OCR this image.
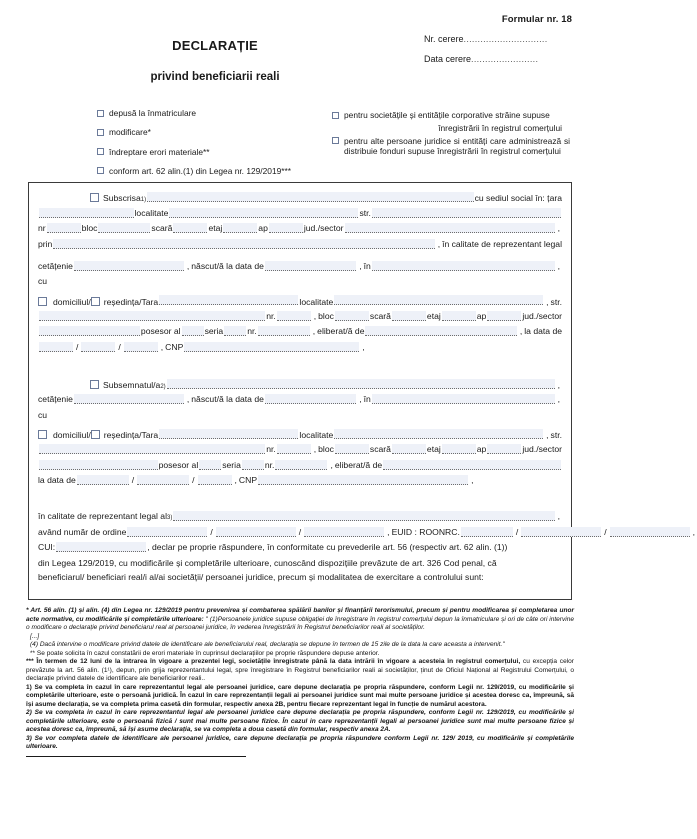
Formular nr. 18
Nr. cerere..............................
Data cerere........................
DECLARAȚIE
privind beneficiarii reali
depusă la înmatriculare
modificare*
îndreptare erori materiale**
conform art. 62 alin.(1) din Legea nr. 129/2019***
pentru societățile și entitățile corporative străine supuse
înregistrării în registrul comerțului
pentru alte persoane juridice si entități care administrează si distribuie fonduri supuse înregistrării în registrul comerțului
Subscrisa 1)	cu sediul social în: țara
localitate	str.
nr	bloc	scară	etaj	ap	jud./sector	,
prin	, în calitate de reprezentant legal
cetățenie	, născut/ă la data de	, în	,
cu
domiciliul/ reședința/Tara	localitate	, str.
nr.	, bloc	scară	etaj	ap	jud./sector
posesor al	seria	nr.	, eliberat/ă de	, la data de
/	/	, CNP	,
Subsemnatul/a 2)	,
cetățenie	, născut/ă la data de	, în	,
cu
domiciliul/ reședința/Tara	localitate	, str.
nr.	, bloc	scară	etaj	ap	jud./sector
posesor al	seria	nr.	, eliberat/ă de
la data de	/	/	, CNP	,
în calitate de reprezentant legal al 3)	,
având număr de ordine	/	/	, EUID : ROONRC.	/	/	,
CUI:	, declar pe proprie răspundere, în conformitate cu prevederile art. 56 (respectiv art. 62 alin. (1))
din Legea 129/2019, cu modificările și completările ulterioare, cunoscând dispozițiile prevăzute de art. 326 Cod penal, că
beneficiarul/ beneficiari real/i al/ai societății/ persoanei juridice, precum și modalitatea de exercitare a controlului sunt:

* Art. 56 alin. (1) și alin. (4) din Legea nr. 129/2019 pentru prevenirea și combaterea spălării banilor și finanțării terorismului, precum și pentru modificarea și completarea unor acte normative, cu modificările și completările ulterioare: " (1)Persoanele juridice supuse obligației de înregistrare în registrul comerțului depun la înmatriculare și ori de câte ori intervine o modificare o declarație privind beneficiarul real al persoanei juridice, în vederea înregistrării în Registrul beneficiarilor reali al societăților.

[...]

(4) Dacă intervine o modificare privind datele de identificare ale beneficiarului real, declarația se depune în termen de 15 zile de la data la care aceasta a intervenit."

** Se poate solicita în cazul constatării de erori materiale în cuprinsul declarațiilor pe proprie răspundere depuse anterior.

*** În termen de 12 luni de la intrarea în vigoare a prezentei legi, societățile înregistrate până la data intrării în vigoare a acesteia în registrul comerțului, cu excepția celor prevăzute la art. 56 alin. (1¹), depun, prin grija reprezentantului legal, spre înregistrare în Registrul beneficiarilor reali ai societăților, ținut de Oficiul Național al Registrului Comerțului, o declarație privind datele de identificare ale beneficiarilor reali..

1) Se va completa în cazul în care reprezentantul legal ale persoanei juridice, care depune declarația pe propria răspundere, conform Legii nr. 129/2019, cu modificările și completările ulterioare, este o persoană juridică. În cazul în care reprezentanții legali ai persoanei juridice sunt mai multe persoane juridice și acestea doresc ca, împreună, să își asume declarația, se va completa prima casetă din formular, respectiv anexa 2B, pentru fiecare reprezentant legal în funcție de numărul acestora.

2) Se va completa in cazul în care reprezentantul legal ale persoanei juridice care depune declarația pe propria răspundere, conform Legii nr. 129/2019, cu modificările și completările ulterioare, este o persoană fizică / sunt mai multe persoane fizice. În cazul in care reprezentanții legali ai persoanei juridice sunt mai multe persoane fizice și acestea doresc ca, împreună, să își asume declarația, se va completa a doua casetă din formular, respectiv anexa 2A.

3) Se vor completa datele de identificare ale persoanei juridice, care depune declarația pe propria răspundere conform Legii nr. 129/ 2019, cu modificările și completările ulterioare.
